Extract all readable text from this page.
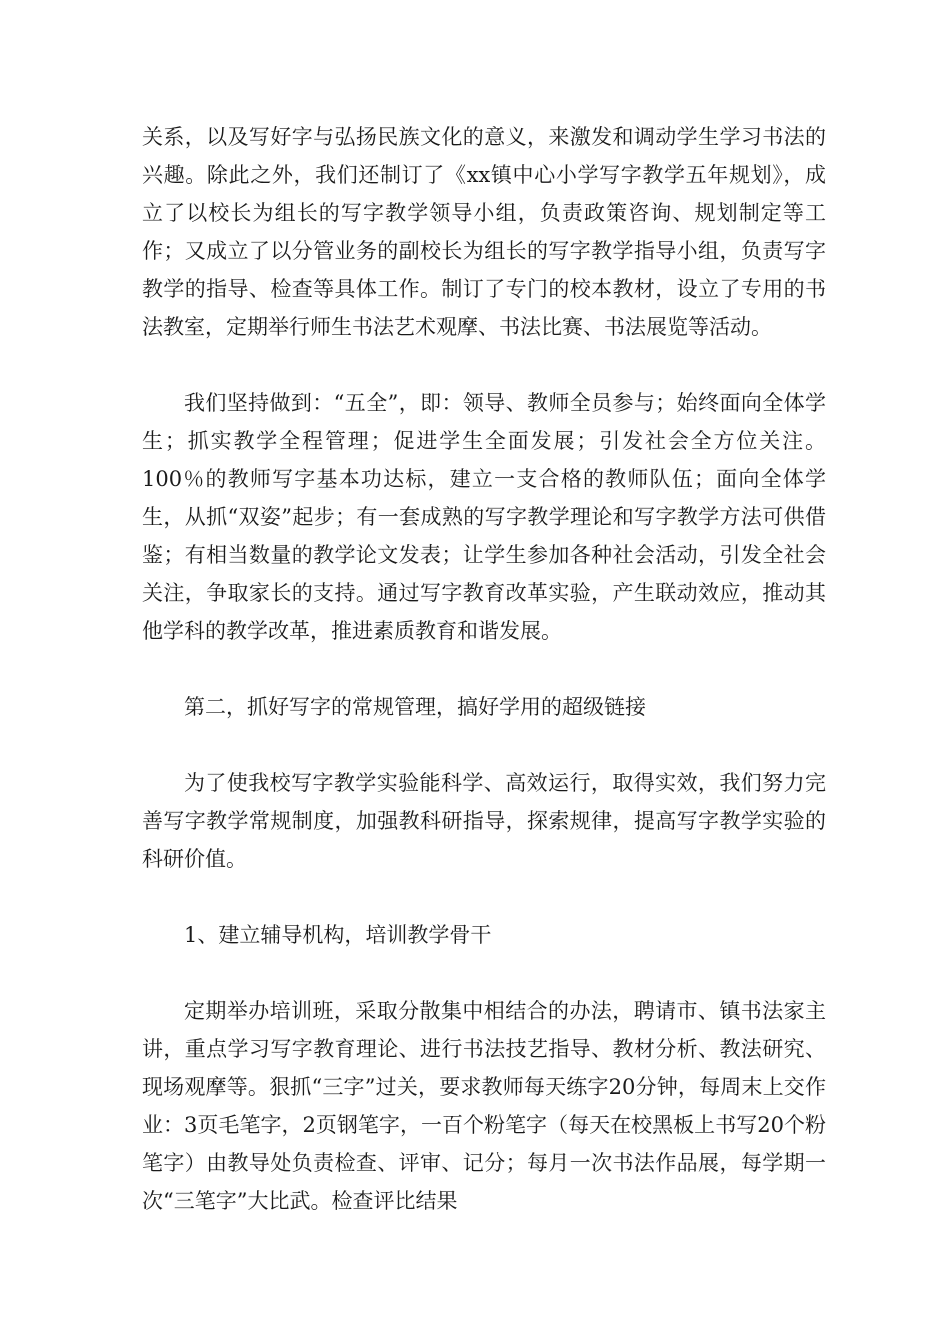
关系，以及写好字与弘扬民族文化的意义，来激发和调动学生学习书法的兴趣。除此之外，我们还制订了《xx镇中心小学写字教学五年规划》，成立了以校长为组长的写字教学领导小组，负责政策咨询、规划制定等工作；又成立了以分管业务的副校长为组长的写字教学指导小组，负责写字教学的指导、检查等具体工作。制订了专门的校本教材，设立了专用的书法教室，定期举行师生书法艺术观摩、书法比赛、书法展览等活动。

我们坚持做到：“五全”，即：领导、教师全员参与；始终面向全体学生；抓实教学全程管理；促进学生全面发展；引发社会全方位关注。100％的教师写字基本功达标，建立一支合格的教师队伍；面向全体学生，从抓“双姿”起步；有一套成熟的写字教学理论和写字教学方法可供借鉴；有相当数量的教学论文发表；让学生参加各种社会活动，引发全社会关注，争取家长的支持。通过写字教育改革实验，产生联动效应，推动其他学科的教学改革，推进素质教育和谐发展。

第二，抓好写字的常规管理，搞好学用的超级链接

为了使我校写字教学实验能科学、高效运行，取得实效，我们努力完善写字教学常规制度，加强教科研指导，探索规律，提高写字教学实验的科研价值。

1、建立辅导机构，培训教学骨干

定期举办培训班，采取分散集中相结合的办法，聘请市、镇书法家主讲，重点学习写字教育理论、进行书法技艺指导、教材分析、教法研究、现场观摩等。狠抓“三字”过关，要求教师每天练字20分钟，每周末上交作业：3页毛笔字，2页钢笔字，一百个粉笔字（每天在校黑板上书写20个粉笔字）由教导处负责检查、评审、记分；每月一次书法作品展，每学期一次“三笔字”大比武。检查评比结果
